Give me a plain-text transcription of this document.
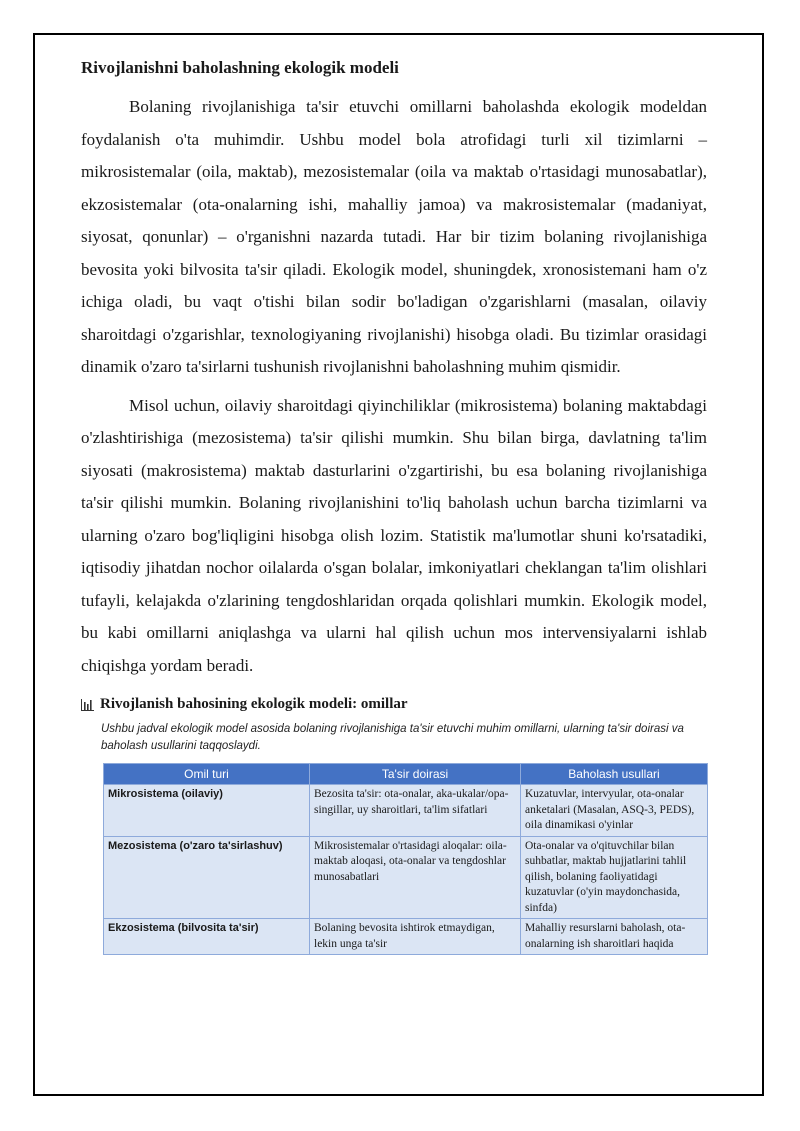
Rivojlanishni baholashning ekologik modeli

Bolaning rivojlanishiga ta'sir etuvchi omillarni baholashda ekologik modeldan foydalanish o'ta muhimdir. Ushbu model bola atrofidagi turli xil tizimlarni – mikrosistemalar (oila, maktab), mezosistemalar (oila va maktab o'rtasidagi munosabatlar), ekzosistemalar (ota-onalarning ishi, mahalliy jamoa) va makrosistemalar (madaniyat, siyosat, qonunlar) – o'rganishni nazarda tutadi. Har bir tizim bolaning rivojlanishiga bevosita yoki bilvosita ta'sir qiladi. Ekologik model, shuningdek, xronosistemani ham o'z ichiga oladi, bu vaqt o'tishi bilan sodir bo'ladigan o'zgarishlarni (masalan, oilaviy sharoitdagi o'zgarishlar, texnologiyaning rivojlanishi) hisobga oladi. Bu tizimlar orasidagi dinamik o'zaro ta'sirlarni tushunish rivojlanishni baholashning muhim qismidir.

Misol uchun, oilaviy sharoitdagi qiyinchiliklar (mikrosistema) bolaning maktabdagi o'zlashtirishiga (mezosistema) ta'sir qilishi mumkin. Shu bilan birga, davlatning ta'lim siyosati (makrosistema) maktab dasturlarini o'zgartirishi, bu esa bolaning rivojlanishiga ta'sir qilishi mumkin. Bolaning rivojlanishini to'liq baholash uchun barcha tizimlarni va ularning o'zaro bog'liqligini hisobga olish lozim. Statistik ma'lumotlar shuni ko'rsatadiki, iqtisodiy jihatdan nochor oilalarda o'sgan bolalar, imkoniyatlari cheklangan ta'lim olishlari tufayli, kelajakda o'zlarining tengdoshlaridan orqada qolishlari mumkin. Ekologik model, bu kabi omillarni aniqlashga va ularni hal qilish uchun mos intervensiyalarni ishlab chiqishga yordam beradi.

Rivojlanish bahosining ekologik modeli: omillar
Ushbu jadval ekologik model asosida bolaning rivojlanishiga ta'sir etuvchi muhim omillarni, ularning ta'sir doirasi va baholash usullarini taqqoslaydi.
Omil turi	Ta'sir doirasi	Baholash usullari
Mikrosistema (oilaviy)	Bezosita ta'sir: ota-onalar, aka-ukalar/opa-singillar, uy sharoitlari, ta'lim sifatlari	Kuzatuvlar, intervyular, ota-onalar anketalari (Masalan, ASQ-3, PEDS), oila dinamikasi o'yinlar
Mezosistema (o'zaro ta'sirlashuv)	Mikrosistemalar o'rtasidagi aloqalar: oila-maktab aloqasi, ota-onalar va tengdoshlar munosabatlari	Ota-onalar va o'qituvchilar bilan suhbatlar, maktab hujjatlarini tahlil qilish, bolaning faoliyatidagi kuzatuvlar (o'yin maydonchasida, sinfda)

Ekzosistema (bilvosita ta'sir)	Bolaning bevosita ishtirok etmaydigan, lekin unga ta'sir	Mahalliy resurslarni baholash, ota-onalarning ish sharoitlari haqida
